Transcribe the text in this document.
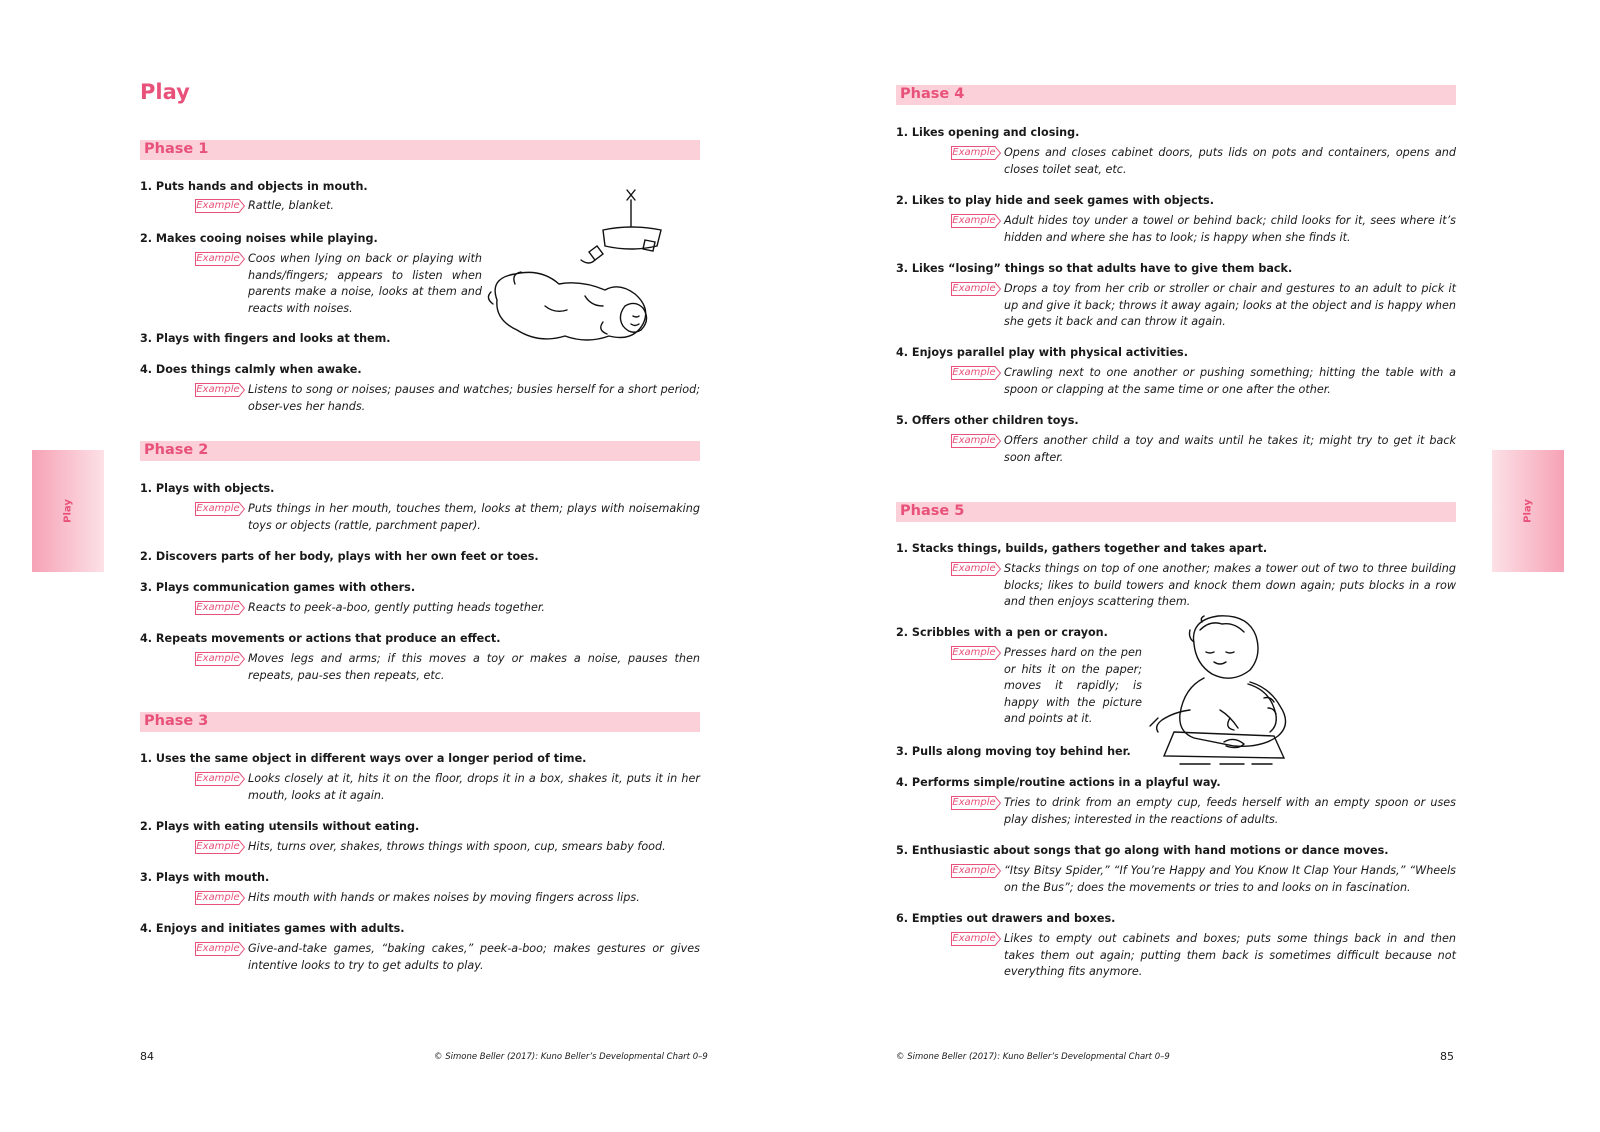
Play
Play
Phase 1
1. Puts hands and objects in mouth.
Example Rattle, blanket.
2. Makes cooing noises while playing.
Example Coos when lying on back or playing with hands/fingers; appears to listen when parents make a noise, looks at them and reacts with noises.
3. Plays with fingers and looks at them.
4. Does things calmly when awake.
Example Listens to song or noises; pauses and watches; busies herself for a short period; obser-ves her hands.
Phase 2
1. Plays with objects.
Example Puts things in her mouth, touches them, looks at them; plays with noisemaking toys or objects (rattle, parchment paper).
2. Discovers parts of her body, plays with her own feet or toes.
3. Plays communication games with others.
Example Reacts to peek-a-boo, gently putting heads together.
4. Repeats movements or actions that produce an effect.
Example Moves legs and arms; if this moves a toy or makes a noise, pauses then repeats, pau-ses then repeats, etc.
Phase 3
1. Uses the same object in different ways over a longer period of time.
Example Looks closely at it, hits it on the floor, drops it in a box, shakes it, puts it in her mouth, looks at it again.
2. Plays with eating utensils without eating.
Example Hits, turns over, shakes, throws things with spoon, cup, smears baby food.
3. Plays with mouth.
Example Hits mouth with hands or makes noises by moving fingers across lips.
4. Enjoys and initiates games with adults.
Example Give-and-take games, “baking cakes,” peek-a-boo; makes gestures or gives intentive looks to try to get adults to play.
84	© Simone Beller (2017): Kuno Beller’s Developmental Chart 0–9
Play
Phase 4
1. Likes opening and closing.
Example Opens and closes cabinet doors, puts lids on pots and containers, opens and closes toilet seat, etc.
2. Likes to play hide and seek games with objects.
Example Adult hides toy under a towel or behind back; child looks for it, sees where it’s hidden and where she has to look; is happy when she finds it.
3. Likes “losing” things so that adults have to give them back.
Example Drops a toy from her crib or stroller or chair and gestures to an adult to pick it up and give it back; throws it away again; looks at the object and is happy when she gets it back and can throw it again.
4. Enjoys parallel play with physical activities.
Example Crawling next to one another or pushing something; hitting the table with a spoon or clapping at the same time or one after the other.
5. Offers other children toys.
Example Offers another child a toy and waits until he takes it; might try to get it back soon after.
Phase 5
1. Stacks things, builds, gathers together and takes apart.
Example Stacks things on top of one another; makes a tower out of two to three building blocks; likes to build towers and knock them down again; puts blocks in a row and then enjoys scattering them.
2. Scribbles with a pen or crayon.
Example Presses hard on the pen or hits it on the paper; moves it rapidly; is happy with the picture and points at it.
3. Pulls along moving toy behind her.
4. Performs simple/routine actions in a playful way.
Example Tries to drink from an empty cup, feeds herself with an empty spoon or uses play dishes; interested in the reactions of adults.
5. Enthusiastic about songs that go along with hand motions or dance moves.
Example “Itsy Bitsy Spider,” “If You’re Happy and You Know It Clap Your Hands,” “Wheels on the Bus”; does the movements or tries to and looks on in fascination.
6. Empties out drawers and boxes.
Example Likes to empty out cabinets and boxes; puts some things back in and then takes them out again; putting them back is sometimes difficult because not everything fits anymore.
© Simone Beller (2017): Kuno Beller’s Developmental Chart 0–9	85
